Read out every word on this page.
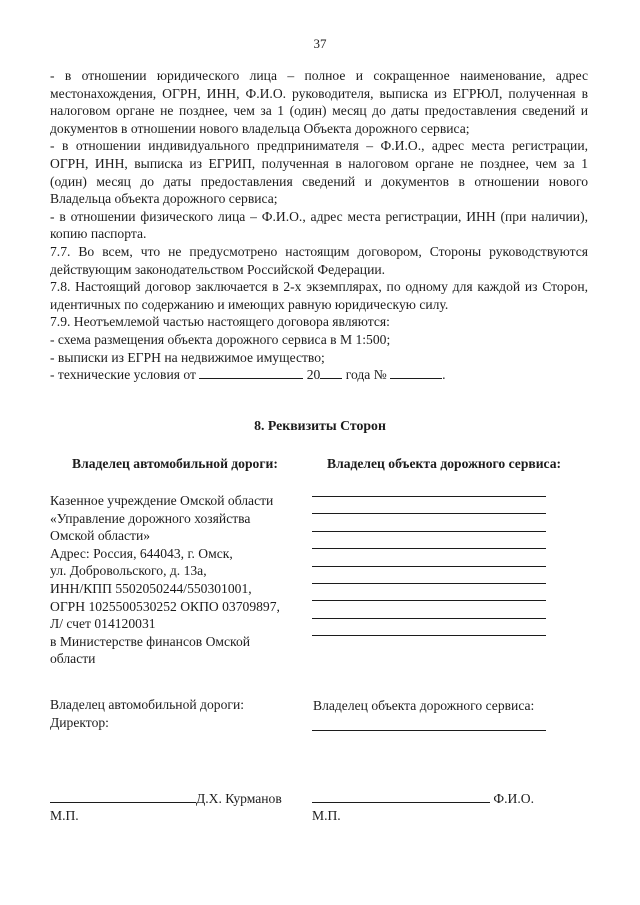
37

- в отношении юридического лица – полное и сокращенное наименование, адрес местонахождения, ОГРН, ИНН, Ф.И.О. руководителя, выписка из ЕГРЮЛ, полученная в налоговом органе не позднее, чем за 1 (один) месяц до даты предоставления сведений и документов в отношении нового владельца Объекта дорожного сервиса;

- в отношении индивидуального предпринимателя – Ф.И.О., адрес места регистрации, ОГРН, ИНН, выписка из ЕГРИП, полученная в налоговом органе не позднее, чем за 1 (один) месяц до даты предоставления сведений и документов в отношении нового Владельца объекта дорожного сервиса;

- в отношении физического лица – Ф.И.О., адрес места регистрации, ИНН (при наличии), копию паспорта.

7.7. Во всем, что не предусмотрено настоящим договором, Стороны руководствуются действующим законодательством Российской Федерации.

7.8. Настоящий договор заключается в 2-х экземплярах, по одному для каждой из Сторон, идентичных по содержанию и имеющих равную юридическую силу.

7.9. Неотъемлемой частью настоящего договора являются:

- схема размещения объекта дорожного сервиса в М 1:500;

- выписки из ЕГРН на недвижимое имущество;

- технические условия от	20 года №	.

8. Реквизиты Сторон
Владелец автомобильной дороги:	Владелец объекта дорожного сервиса:
Казенное учреждение Омской области
«Управление дорожного хозяйства
Омской области»
Адрес: Россия, 644043, г. Омск,
ул. Добровольского, д. 13а,
ИНН/КПП 5502050244/550301001,
ОГРН 1025500530252 ОКПО 03709897,
Л/ счет 014120031
в Министерстве финансов Омской
области
Владелец автомобильной дороги:
Директор:
Владелец объекта дорожного сервиса:
Д.Х. Курманов	Ф.И.О.
М.П.	М.П.
